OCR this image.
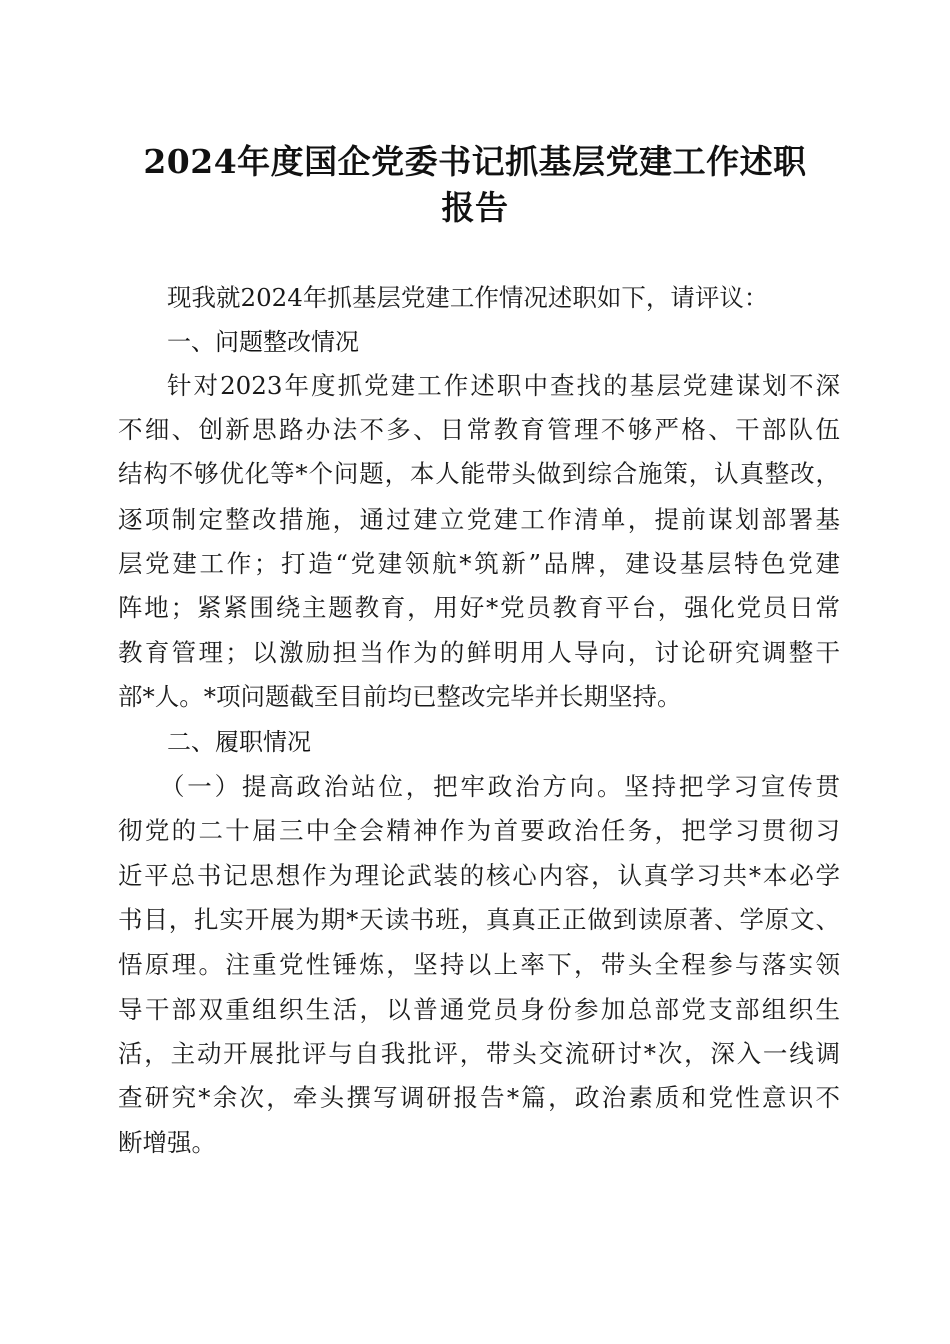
2024年度国企党委书记抓基层党建工作述职
报告
现我就2024年抓基层党建工作情况述职如下，请评议：
一、问题整改情况
针对2023年度抓党建工作述职中查找的基层党建谋划不深
不细、创新思路办法不多、日常教育管理不够严格、干部队伍
结构不够优化等*个问题，本人能带头做到综合施策，认真整改，
逐项制定整改措施，通过建立党建工作清单，提前谋划部署基
层党建工作；打造“党建领航*筑新”品牌，建设基层特色党建
阵地；紧紧围绕主题教育，用好*党员教育平台，强化党员日常
教育管理；以激励担当作为的鲜明用人导向，讨论研究调整干
部*人。*项问题截至目前均已整改完毕并长期坚持。
二、履职情况
（一）提高政治站位，把牢政治方向。坚持把学习宣传贯
彻党的二十届三中全会精神作为首要政治任务，把学习贯彻习
近平总书记思想作为理论武装的核心内容，认真学习共*本必学
书目，扎实开展为期*天读书班，真真正正做到读原著、学原文、
悟原理。注重党性锤炼，坚持以上率下，带头全程参与落实领
导干部双重组织生活，以普通党员身份参加总部党支部组织生
活，主动开展批评与自我批评，带头交流研讨*次，深入一线调
查研究*余次，牵头撰写调研报告*篇，政治素质和党性意识不
断增强。
